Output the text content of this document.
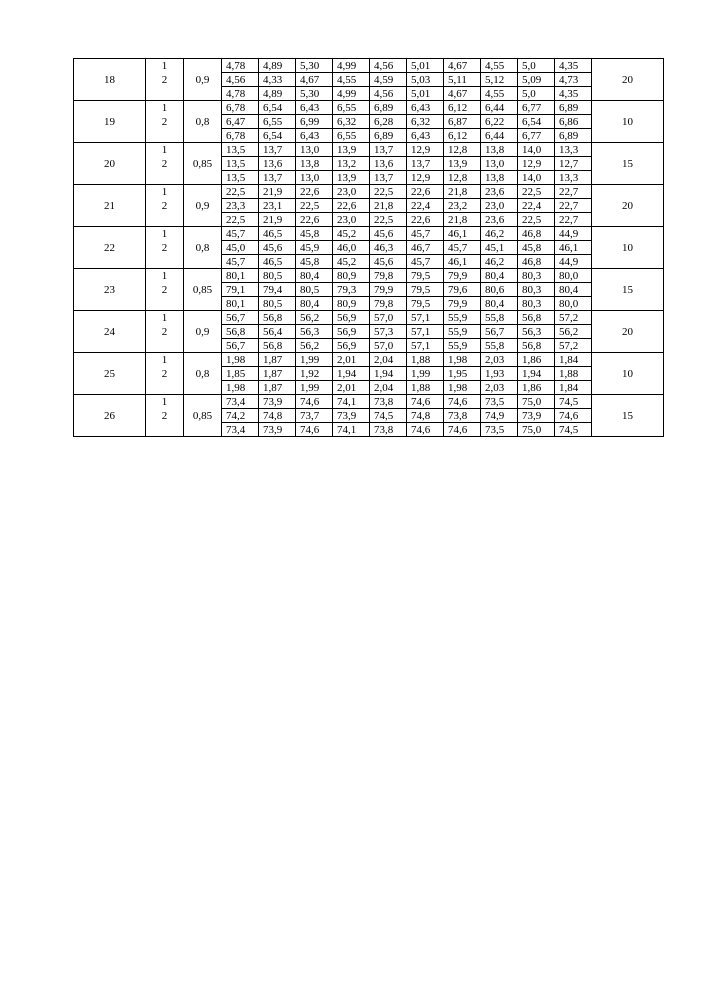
18	1	0,9	4,78	4,89	5,30	4,99	4,56	5,01	4,67	4,55	5,0	4,35	20
	2		4,56	4,33	4,67	4,55	4,59	5,03	5,11	5,12	5,09	4,73	
			4,78	4,89	5,30	4,99	4,56	5,01	4,67	4,55	5,0	4,35	
19	1	0,8	6,78	6,54	6,43	6,55	6,89	6,43	6,12	6,44	6,77	6,89	10
	2		6,47	6,55	6,99	6,32	6,28	6,32	6,87	6,22	6,54	6,86	
			6,78	6,54	6,43	6,55	6,89	6,43	6,12	6,44	6,77	6,89	
20	1	0,85	13,5	13,7	13,0	13,9	13,7	12,9	12,8	13,8	14,0	13,3	15
	2		13,5	13,6	13,8	13,2	13,6	13,7	13,9	13,0	12,9	12,7	
			13,5	13,7	13,0	13,9	13,7	12,9	12,8	13,8	14,0	13,3	
21	1	0,9	22,5	21,9	22,6	23,0	22,5	22,6	21,8	23,6	22,5	22,7	20
	2		23,3	23,1	22,5	22,6	21,8	22,4	23,2	23,0	22,4	22,7	
			22,5	21,9	22,6	23,0	22,5	22,6	21,8	23,6	22,5	22,7	
22	1	0,8	45,7	46,5	45,8	45,2	45,6	45,7	46,1	46,2	46,8	44,9	10
	2		45,0	45,6	45,9	46,0	46,3	46,7	45,7	45,1	45,8	46,1	
			45,7	46,5	45,8	45,2	45,6	45,7	46,1	46,2	46,8	44,9	
23	1	0,85	80,1	80,5	80,4	80,9	79,8	79,5	79,9	80,4	80,3	80,0	15
	2		79,1	79,4	80,5	79,3	79,9	79,5	79,6	80,6	80,3	80,4	
			80,1	80,5	80,4	80,9	79,8	79,5	79,9	80,4	80,3	80,0	
24	1	0,9	56,7	56,8	56,2	56,9	57,0	57,1	55,9	55,8	56,8	57,2	20
	2		56,8	56,4	56,3	56,9	57,3	57,1	55,9	56,7	56,3	56,2	
			56,7	56,8	56,2	56,9	57,0	57,1	55,9	55,8	56,8	57,2	
25	1	0,8	1,98	1,87	1,99	2,01	2,04	1,88	1,98	2,03	1,86	1,84	10
	2		1,85	1,87	1,92	1,94	1,94	1,99	1,95	1,93	1,94	1,88	
			1,98	1,87	1,99	2,01	2,04	1,88	1,98	2,03	1,86	1,84	
26	1	0,85	73,4	73,9	74,6	74,1	73,8	74,6	74,6	73,5	75,0	74,5	15
	2		74,2	74,8	73,7	73,9	74,5	74,8	73,8	74,9	73,9	74,6	
			73,4	73,9	74,6	74,1	73,8	74,6	74,6	73,5	75,0	74,5	
